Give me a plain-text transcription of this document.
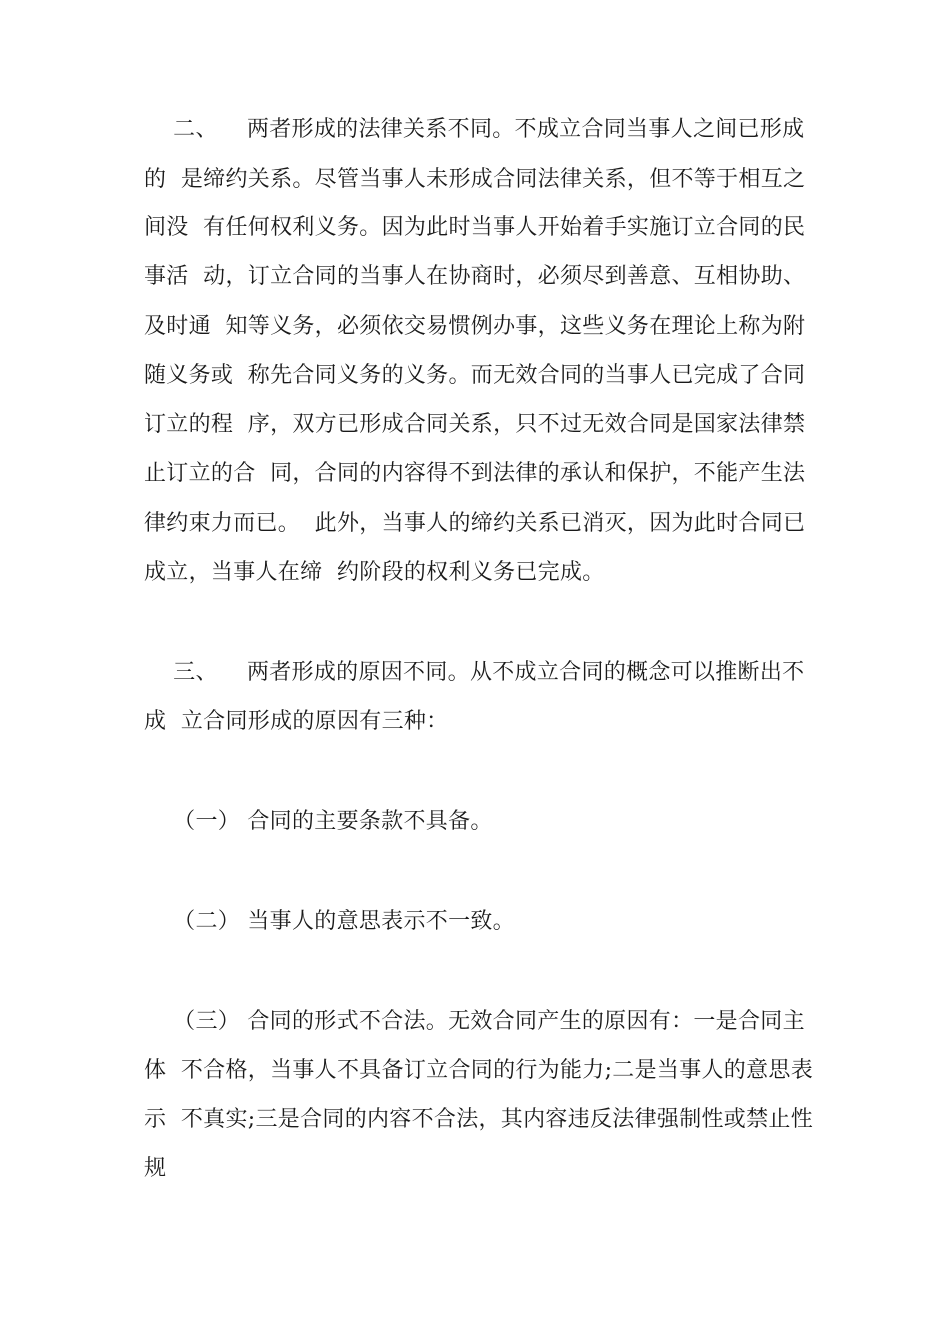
二、    两者形成的法律关系不同。不成立合同当事人之间已形成
的  是缔约关系。尽管当事人未形成合同法律关系，但不等于相互之
间没  有任何权利义务。因为此时当事人开始着手实施订立合同的民
事活  动，订立合同的当事人在协商时，必须尽到善意、互相协助、
及时通  知等义务，必须依交易惯例办事，这些义务在理论上称为附
随义务或  称先合同义务的义务。而无效合同的当事人已完成了合同
订立的程  序，双方已形成合同关系，只不过无效合同是国家法律禁
止订立的合  同，合同的内容得不到法律的承认和保护，不能产生法
律约束力而已。  此外，当事人的缔约关系已消灭，因为此时合同已
成立，当事人在缔  约阶段的权利义务已完成。
三、    两者形成的原因不同。从不成立合同的概念可以推断出不
成  立合同形成的原因有三种：
（一） 合同的主要条款不具备。
（二） 当事人的意思表示不一致。
（三） 合同的形式不合法。无效合同产生的原因有：一是合同主
体  不合格，当事人不具备订立合同的行为能力;二是当事人的意思表
示  不真实;三是合同的内容不合法，其内容违反法律强制性或禁止性
规
